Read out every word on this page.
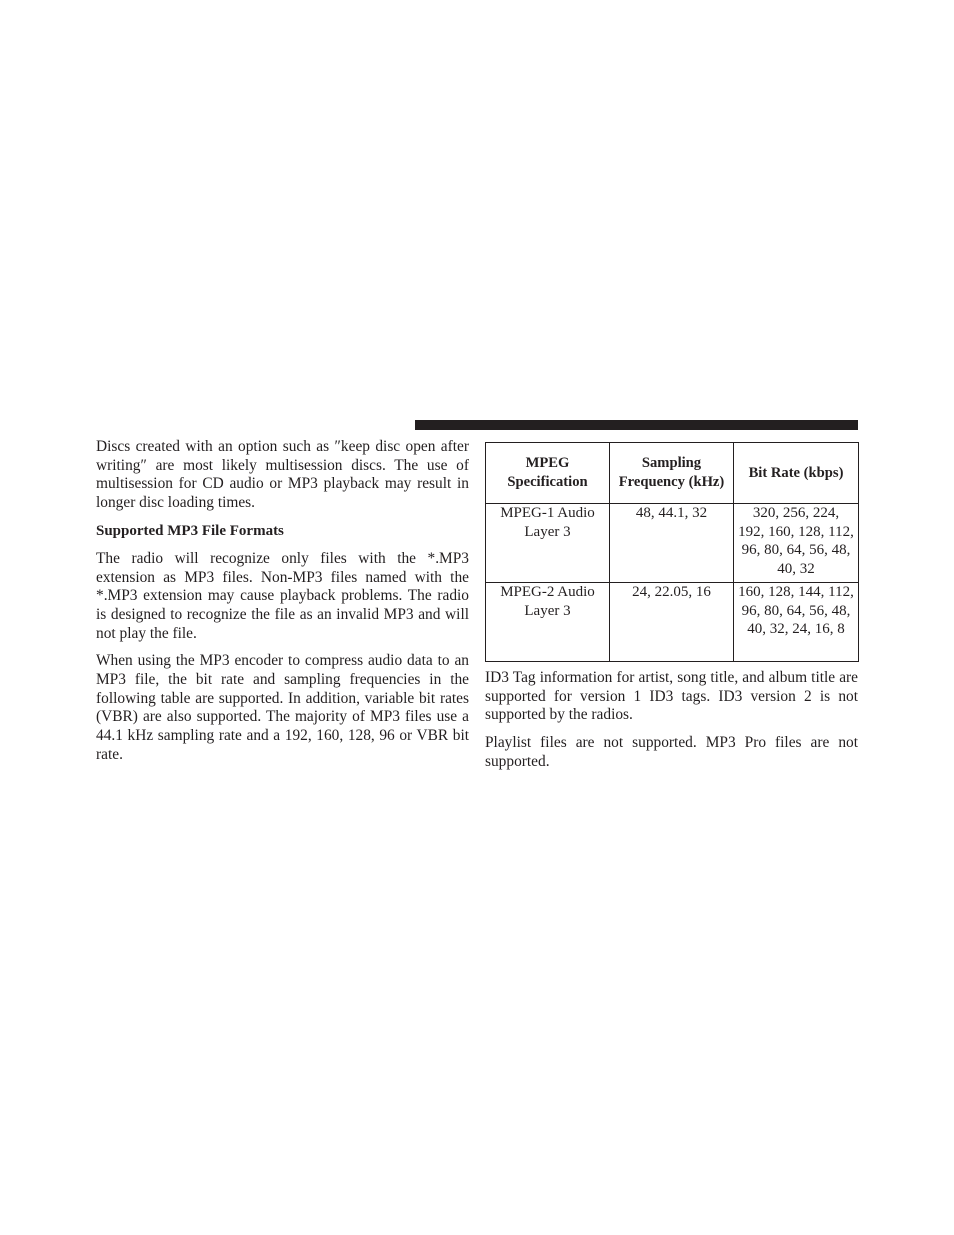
Discs created with an option such as ″keep disc open after writing″ are most likely multisession discs. The use of multisession for CD audio or MP3 playback may result in longer disc loading times.

Supported MP3 File Formats

The radio will recognize only files with the *.MP3 extension as MP3 files. Non-MP3 files named with the *.MP3 extension may cause playback problems. The radio is designed to recognize the file as an invalid MP3 and will not play the file.

When using the MP3 encoder to compress audio data to an MP3 file, the bit rate and sampling frequencies in the following table are supported. In addition, variable bit rates (VBR) are also supported. The majority of MP3 files use a 44.1 kHz sampling rate and a 192, 160, 128, 96 or VBR bit rate.

MPEG Specification	Sampling Frequency (kHz)	Bit Rate (kbps)
MPEG-1 Audio Layer 3	48, 44.1, 32	320, 256, 224, 192, 160, 128, 112, 96, 80, 64, 56, 48, 40, 32
MPEG-2 Audio Layer 3	24, 22.05, 16	160, 128, 144, 112, 96, 80, 64, 56, 48, 40, 32, 24, 16, 8

ID3 Tag information for artist, song title, and album title are supported for version 1 ID3 tags. ID3 version 2 is not supported by the radios.

Playlist files are not supported. MP3 Pro files are not supported.
